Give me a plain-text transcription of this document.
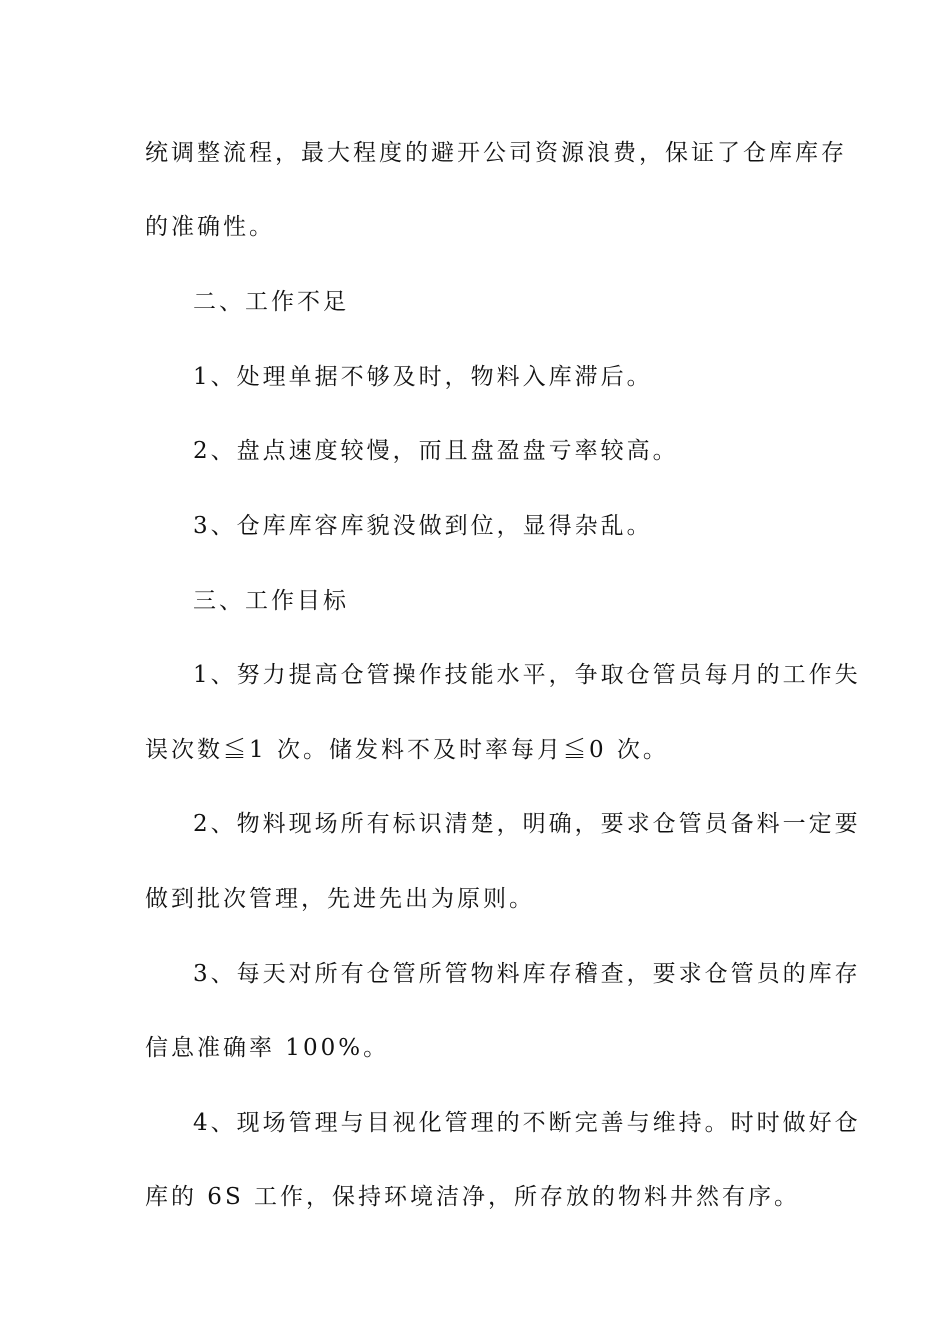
统调整流程，最大程度的避开公司资源浪费，保证了仓库库存
的准确性。
二、工作不足
1、处理单据不够及时，物料入库滞后。
2、盘点速度较慢，而且盘盈盘亏率较高。
3、仓库库容库貌没做到位，显得杂乱。
三、工作目标
1、努力提高仓管操作技能水平，争取仓管员每月的工作失
误次数≦1 次。储发料不及时率每月≦0 次。
2、物料现场所有标识清楚，明确，要求仓管员备料一定要
做到批次管理，先进先出为原则。
3、每天对所有仓管所管物料库存稽查，要求仓管员的库存
信息准确率 100%。
4、现场管理与目视化管理的不断完善与维持。时时做好仓
库的 6S 工作，保持环境洁净，所存放的物料井然有序。
